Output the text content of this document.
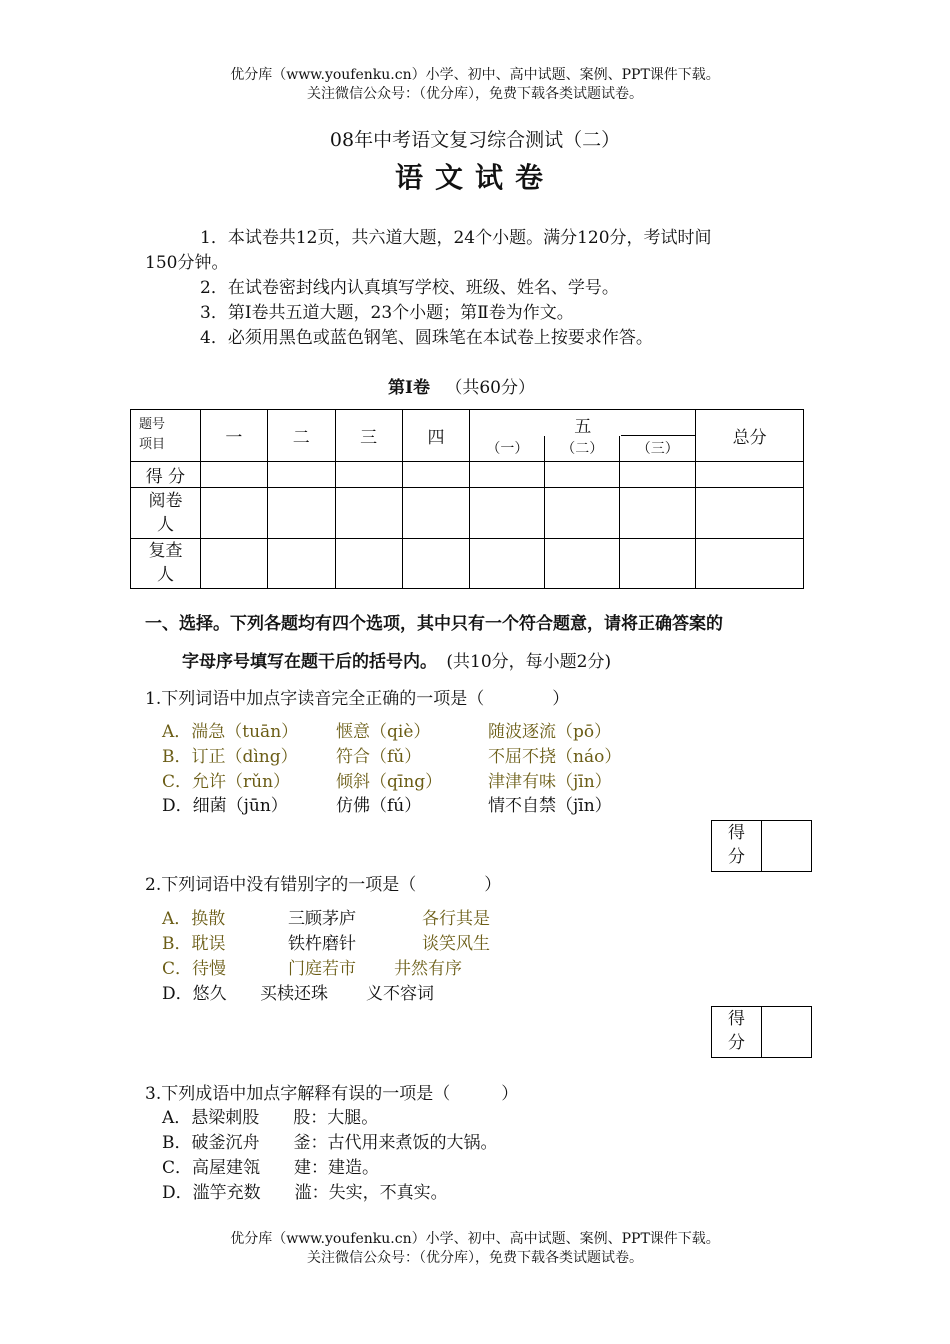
优分库（www.youfenku.cn）小学、初中、高中试题、案例、PPT课件下载。
关注微信公众号：（优分库），免费下载各类试题试卷。
08年中考语文复习综合测试（二）
语文试卷
1．本试卷共12页，共六道大题，24个小题。满分120分，考试时间
150分钟。
2．在试卷密封线内认真填写学校、班级、姓名、学号。
3．第Ⅰ卷共五道大题，23个小题；第Ⅱ卷为作文。
4．必须用黑色或蓝色钢笔、圆珠笔在本试卷上按要求作答。
第Ⅰ卷 （共60分）
题号
项目	一	二	三	四	五			总分
					（一）	（二）	（三）	
得 分								
阅卷人								
复查人								
一、选择。下列各题均有四个选项，其中只有一个符合题意，请将正确答案的
字母序号填写在题干后的括号内。 (共10分，每小题2分)
1.下列词语中加点字读音完全正确的一项是（　　　　）
A．湍急（tuān） 惬意（qiè）	随波逐流（pō）
B．订正（dìng） 符合（fǔ）	不屈不挠（náo）
C．允许（rǔn）	倾斜（qīng）	津津有味（jīn）
D．细菌（jūn）	仿佛（fú）	情不自禁（jīn）
得
分
2.下列词语中没有错别字的一项是（　　　　）
A．换散	三顾茅庐	各行其是
B．耽误	铁杵磨针	谈笑风生
C．待慢	门庭若市 井然有序
D．悠久 买椟还珠 义不容词
得
分
3.下列成语中加点字解释有误的一项是（　　　）
A．悬梁刺股　　股：大腿。
B．破釜沉舟　　釜：古代用来煮饭的大锅。
C．高屋建瓴　　建：建造。
D．滥竽充数　　滥：失实，不真实。
优分库（www.youfenku.cn）小学、初中、高中试题、案例、PPT课件下载。
关注微信公众号：（优分库），免费下载各类试题试卷。
